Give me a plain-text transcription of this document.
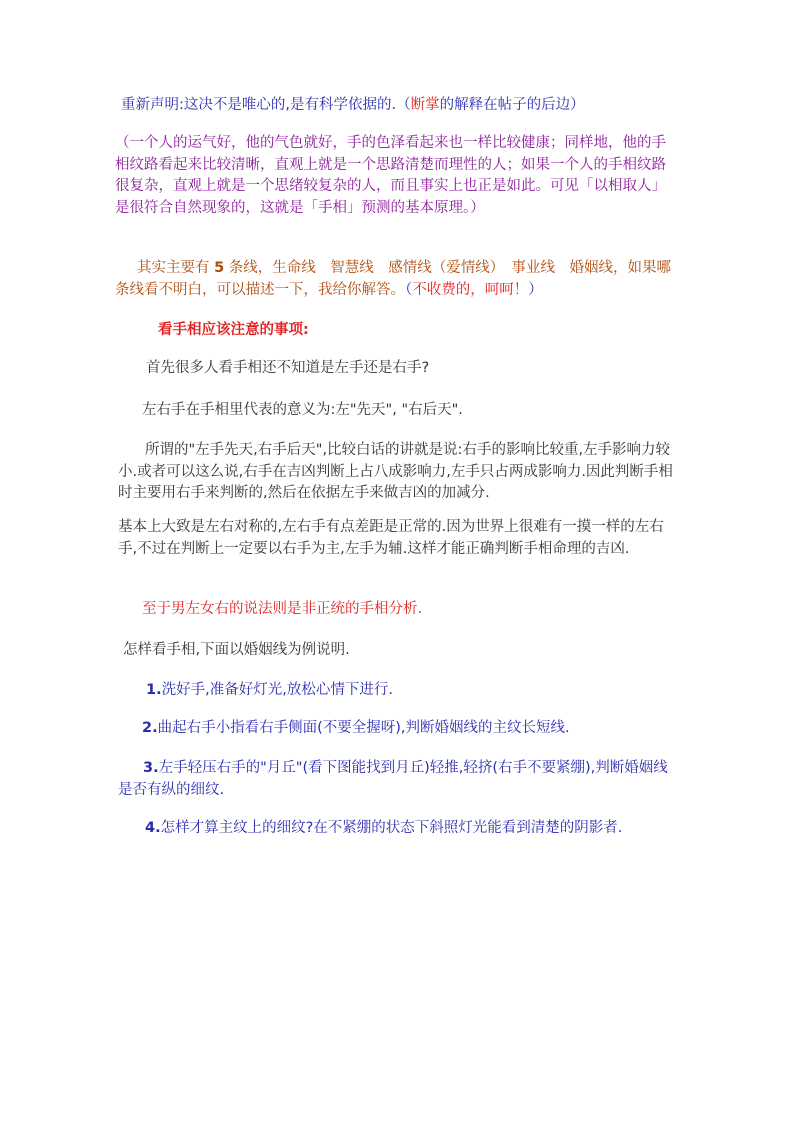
重新声明:这决不是唯心的,是有科学依据的.（断掌的解释在帖子的后边）

（一个人的运气好，他的气色就好，手的色泽看起来也一样比较健康；同样地，他的手相纹路看起来比较清晰，直观上就是一个思路清楚而理性的人；如果一个人的手相纹路很复杂，直观上就是一个思绪较复杂的人，而且事实上也正是如此。可见「以相取人」是很符合自然现象的，这就是「手相」预测的基本原理。）

其实主要有 5 条线，生命线　智慧线　感情线（爱情线）　事业线　婚姻线，如果哪条线看不明白，可以描述一下，我给你解答。（不收费的，呵呵！）

看手相应该注意的事项:

首先很多人看手相还不知道是左手还是右手?

左右手在手相里代表的意义为:左"先天", "右后天".

所谓的"左手先天,右手后天",比较白话的讲就是说:右手的影响比较重,左手影响力较小.或者可以这么说,右手在吉凶判断上占八成影响力,左手只占两成影响力.因此判断手相时主要用右手来判断的,然后在依据左手来做吉凶的加减分.

基本上大致是左右对称的,左右手有点差距是正常的.因为世界上很难有一摸一样的左右手,不过在判断上一定要以右手为主,左手为辅.这样才能正确判断手相命理的吉凶.

至于男左女右的说法则是非正统的手相分析.

怎样看手相,下面以婚姻线为例说明.

1.洗好手,准备好灯光,放松心情下进行.

2.曲起右手小指看右手侧面(不要全握呀),判断婚姻线的主纹长短线.

3.左手轻压右手的"月丘"(看下图能找到月丘)轻推,轻挤(右手不要紧绷),判断婚姻线是否有纵的细纹.

4.怎样才算主纹上的细纹?在不紧绷的状态下斜照灯光能看到清楚的阴影者.
